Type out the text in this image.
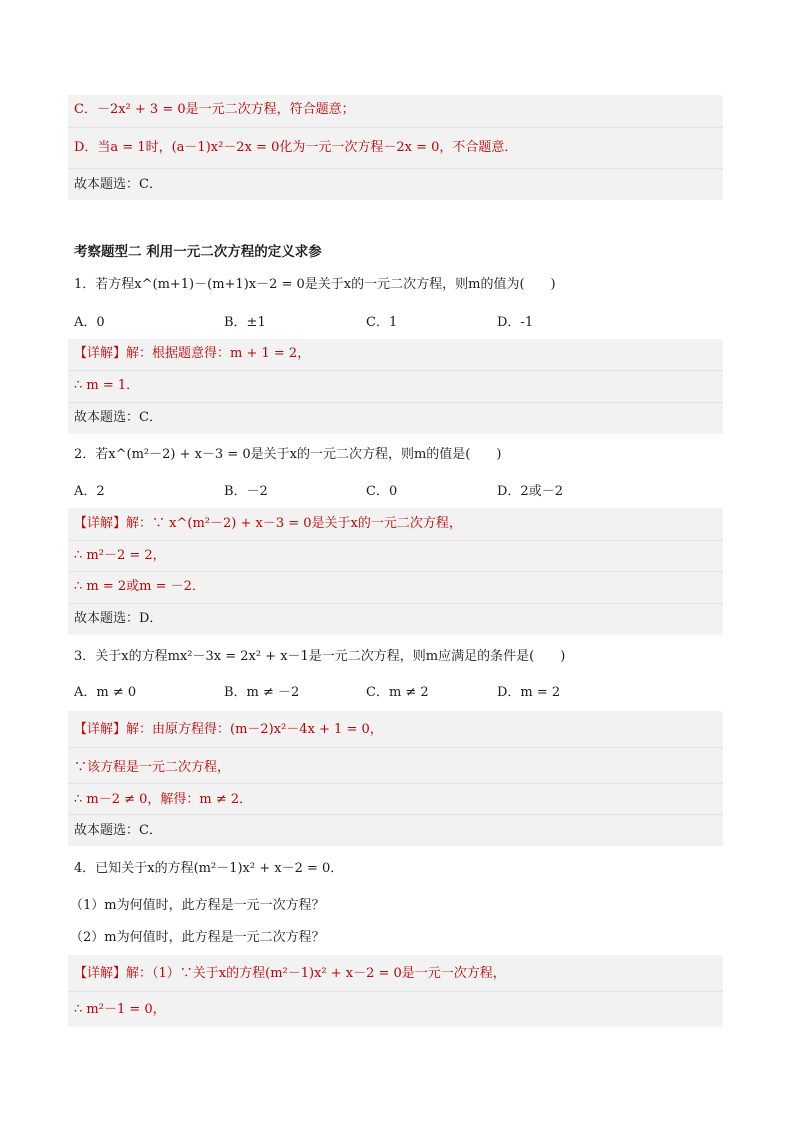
C．－2x² + 3 = 0是一元二次方程，符合题意；
D．当a = 1时，(a－1)x²－2x = 0化为一元一次方程－2x = 0，不合题意．
故本题选：C．
考察题型二 利用一元二次方程的定义求参
1．若方程x^(m+1)－(m+1)x－2 = 0是关于x的一元二次方程，则m的值为(　　)
A．0	B．±1	C．1	D．-1
【详解】解：根据题意得：m + 1 = 2，
∴ m = 1．
故本题选：C．
2．若x^(m²－2) + x－3 = 0是关于x的一元二次方程，则m的值是(　　)
A．2	B．－2	C．0	D．2或－2
【详解】解：∵ x^(m²－2) + x－3 = 0是关于x的一元二次方程，
∴ m²－2 = 2，
∴ m = 2或m = －2．
故本题选：D．
3．关于x的方程mx²－3x = 2x² + x－1是一元二次方程，则m应满足的条件是(　　)
A．m ≠ 0	B．m ≠ －2	C．m ≠ 2	D．m = 2
【详解】解：由原方程得：(m－2)x²－4x + 1 = 0，
∵该方程是一元二次方程，
∴ m－2 ≠ 0，解得：m ≠ 2．
故本题选：C．
4．已知关于x的方程(m²－1)x² + x－2 = 0．
（1）m为何值时，此方程是一元一次方程？
（2）m为何值时，此方程是一元二次方程？
【详解】解：（1）∵关于x的方程(m²－1)x² + x－2 = 0是一元一次方程，
∴ m²－1 = 0，
